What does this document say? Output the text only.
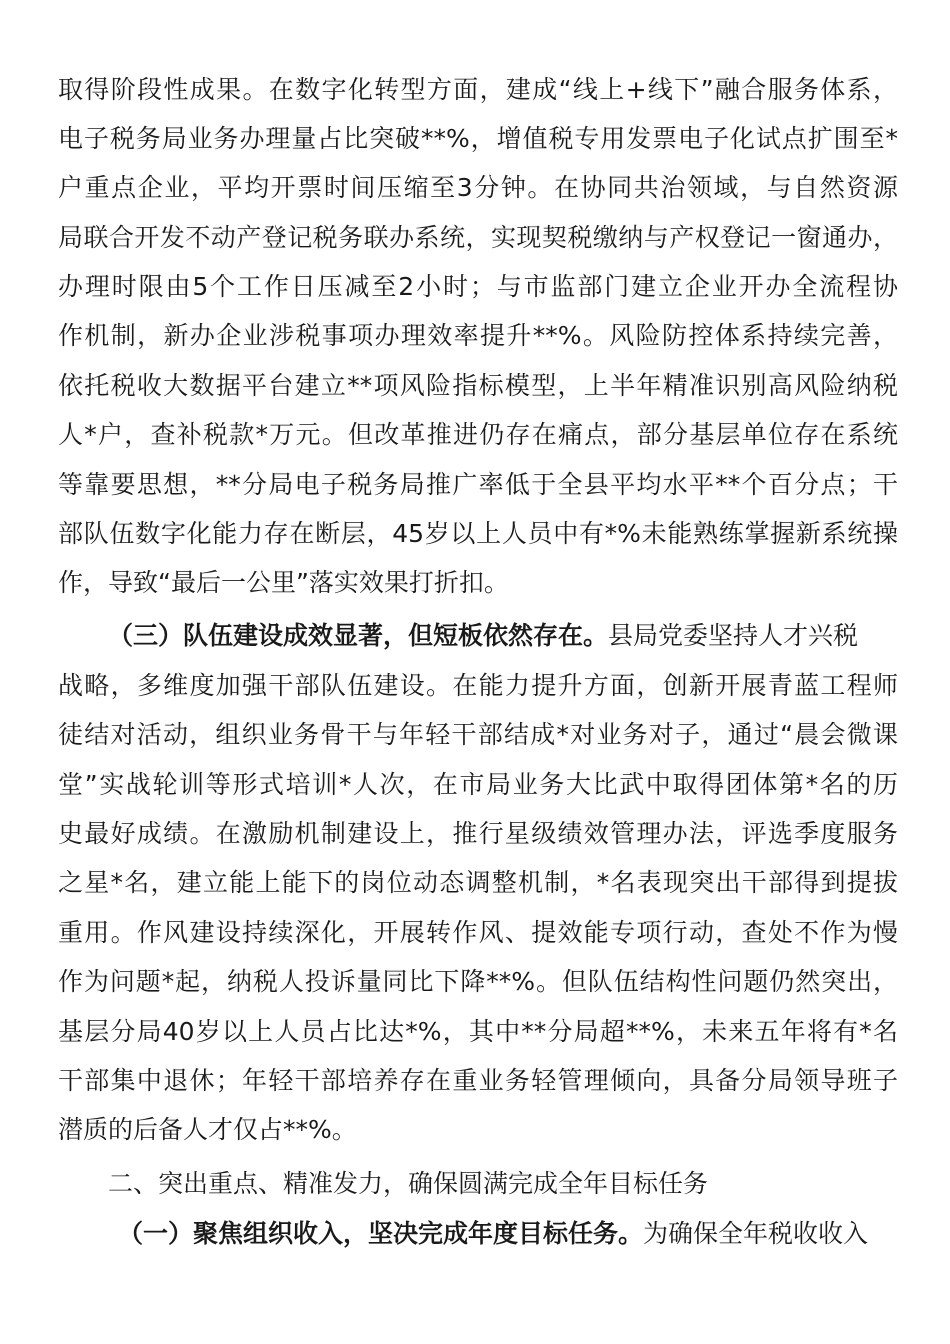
取得阶段性成果。在数字化转型方面，建成“线上+线下”融合服务体系，
电子税务局业务办理量占比突破**%，增值税专用发票电子化试点扩围至*
户重点企业，平均开票时间压缩至3分钟。在协同共治领域，与自然资源
局联合开发不动产登记税务联办系统，实现契税缴纳与产权登记一窗通办，
办理时限由5个工作日压减至2小时；与市监部门建立企业开办全流程协
作机制，新办企业涉税事项办理效率提升**%。风险防控体系持续完善，
依托税收大数据平台建立**项风险指标模型，上半年精准识别高风险纳税
人*户，查补税款*万元。但改革推进仍存在痛点，部分基层单位存在系统
等靠要思想，**分局电子税务局推广率低于全县平均水平**个百分点；干
部队伍数字化能力存在断层，45岁以上人员中有*%未能熟练掌握新系统操
作，导致“最后一公里”落实效果打折扣。
（三）队伍建设成效显著，但短板依然存在。县局党委坚持人才兴税
战略，多维度加强干部队伍建设。在能力提升方面，创新开展青蓝工程师
徒结对活动，组织业务骨干与年轻干部结成*对业务对子，通过“晨会微课
堂”实战轮训等形式培训*人次，在市局业务大比武中取得团体第*名的历
史最好成绩。在激励机制建设上，推行星级绩效管理办法，评选季度服务
之星*名，建立能上能下的岗位动态调整机制，*名表现突出干部得到提拔
重用。作风建设持续深化，开展转作风、提效能专项行动，查处不作为慢
作为问题*起，纳税人投诉量同比下降**%。但队伍结构性问题仍然突出，
基层分局40岁以上人员占比达*%，其中**分局超**%，未来五年将有*名
干部集中退休；年轻干部培养存在重业务轻管理倾向，具备分局领导班子
潜质的后备人才仅占**%。
二、突出重点、精准发力，确保圆满完成全年目标任务
（一）聚焦组织收入，坚决完成年度目标任务。为确保全年税收收入
